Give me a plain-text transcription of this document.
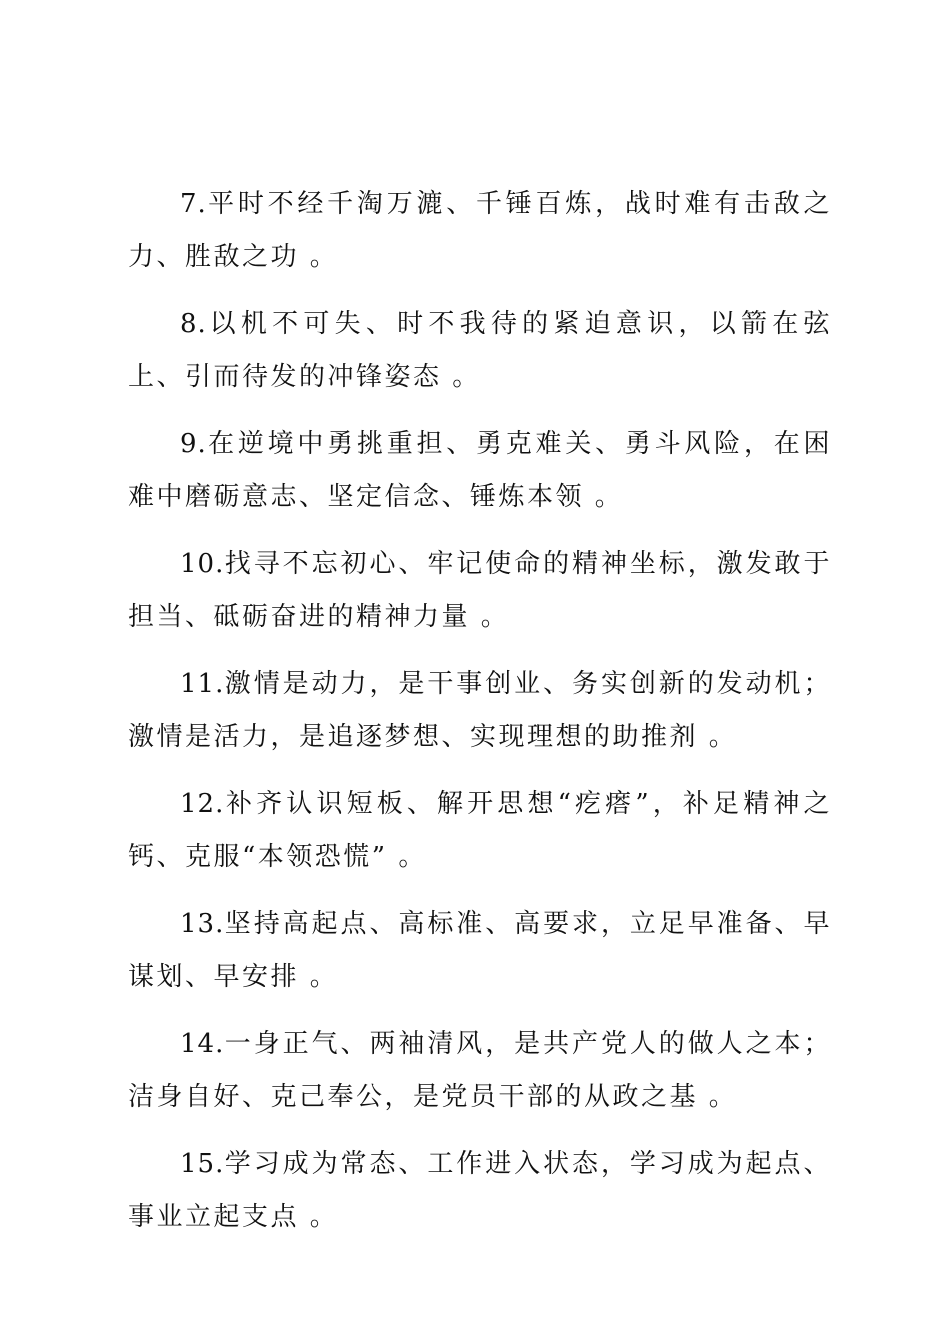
7.平时不经千淘万漉、千锤百炼，战时难有击敌之力、胜敌之功 。

8.以机不可失、时不我待的紧迫意识，以箭在弦上、引而待发的冲锋姿态 。

9.在逆境中勇挑重担、勇克难关、勇斗风险，在困难中磨砺意志、坚定信念、锤炼本领 。

10.找寻不忘初心、牢记使命的精神坐标，激发敢于担当、砥砺奋进的精神力量 。

11.激情是动力，是干事创业、务实创新的发动机；激情是活力，是追逐梦想、实现理想的助推剂 。

12.补齐认识短板、解开思想“疙瘩”，补足精神之钙、克服“本领恐慌” 。

13.坚持高起点、高标准、高要求，立足早准备、早谋划、早安排 。

14.一身正气、两袖清风，是共产党人的做人之本；洁身自好、克己奉公，是党员干部的从政之基 。

15.学习成为常态、工作进入状态，学习成为起点、事业立起支点 。
